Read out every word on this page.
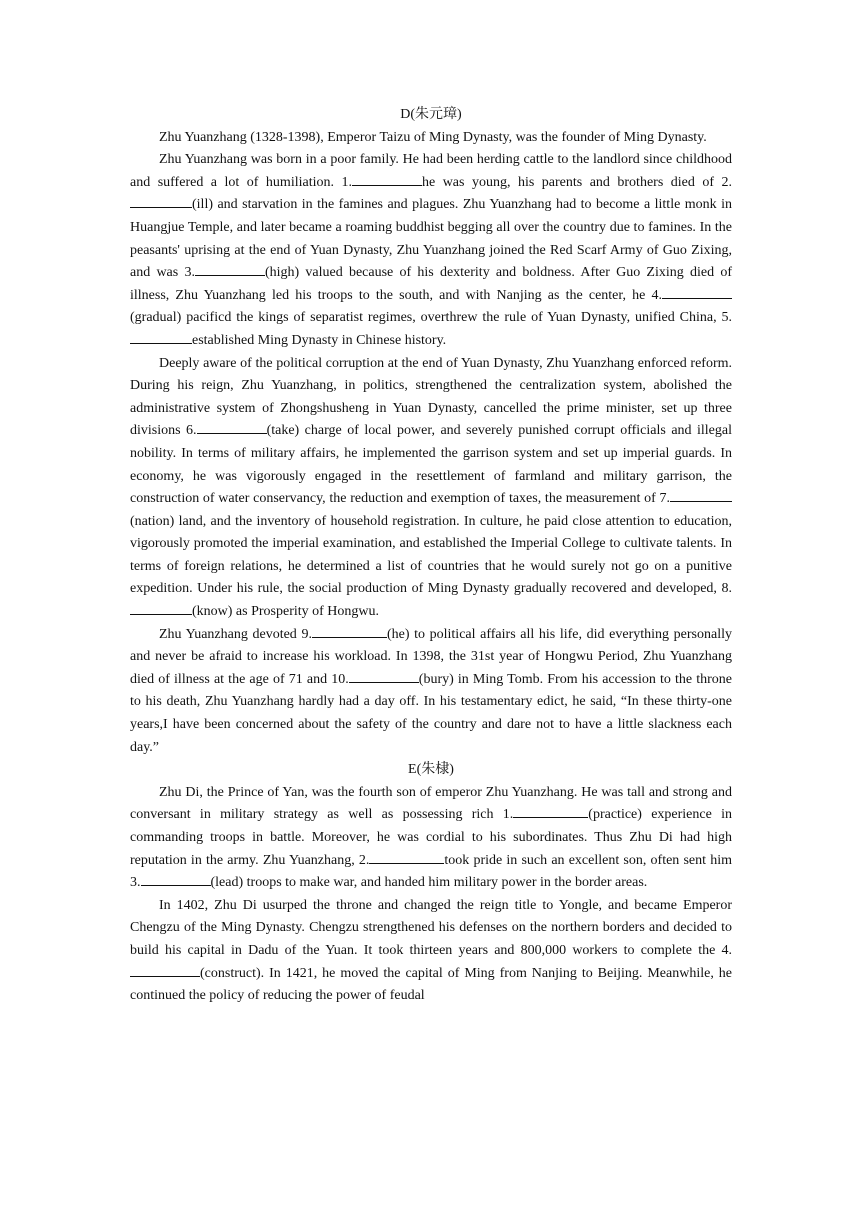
D(朱元璋)

Zhu Yuanzhang (1328-1398), Emperor Taizu of Ming Dynasty, was the founder of Ming Dynasty.

Zhu Yuanzhang was born in a poor family. He had been herding cattle to the landlord since childhood and suffered a lot of humiliation. 1.	he was young, his parents and brothers died of 2.(ill) and starvation in the famines and plagues. Zhu Yuanzhang had to become a little monk in Huangjue Temple, and later became a roaming buddhist begging all over the country due to famines. In the peasants' uprising at the end of Yuan Dynasty, Zhu Yuanzhang joined the Red Scarf Army of Guo Zixing, and was 3.	(high) valued because of his dexterity and boldness. After Guo Zixing died of illness, Zhu Yuanzhang led his troops to the south, and with Nanjing as the center, he 4.(gradual) pacificd the kings of separatist regimes, overthrew the rule of Yuan Dynasty, unified China, 5.established Ming Dynasty in Chinese history.

Deeply aware of the political corruption at the end of Yuan Dynasty, Zhu Yuanzhang enforced reform. During his reign, Zhu Yuanzhang, in politics, strengthened the centralization system, abolished the administrative system of Zhongshusheng in Yuan Dynasty, cancelled the prime minister, set up three divisions 6.	(take) charge of local power, and severely punished corrupt officials and illegal nobility. In terms of military affairs, he implemented the garrison system and set up imperial guards. In economy, he was vigorously engaged in the resettlement of farmland and military garrison, the construction of water conservancy, the reduction and exemption of taxes, the measurement of 7.(nation) land, and the inventory of household registration. In culture, he paid close attention to education, vigorously promoted the imperial examination, and established the Imperial College to cultivate talents. In terms of foreign relations, he determined a list of countries that he would surely not go on a punitive expedition. Under his rule, the social production of Ming Dynasty gradually recovered and developed, 8.(know) as Prosperity of Hongwu.

Zhu Yuanzhang devoted 9.	(he) to political affairs all his life, did everything personally and never be afraid to increase his workload. In 1398, the 31st year of Hongwu Period, Zhu Yuanzhang died of illness at the age of 71 and 10.	(bury) in Ming Tomb. From his accession to the throne to his death, Zhu Yuanzhang hardly had a day off. In his testamentary edict, he said, “In these thirty-one years,I have been concerned about the safety of the country and dare not to have a little slackness each day.”

E(朱棣)

Zhu Di, the Prince of Yan, was the fourth son of emperor Zhu Yuanzhang. He was tall and strong and conversant in military strategy as well as possessing rich 1.	(practice) experience in commanding troops in battle. Moreover, he was cordial to his subordinates. Thus Zhu Di had high reputation in the army. Zhu Yuanzhang, 2.	took pride in such an excellent son, often sent him 3.	(lead) troops to make war, and handed him military power in the border areas.

In 1402, Zhu Di usurped the throne and changed the reign title to Yongle, and became Emperor Chengzu of the Ming Dynasty. Chengzu strengthened his defenses on the northern borders and decided to build his capital in Dadu of the Yuan. It took thirteen years and 800,000 workers to complete the 4.(construct). In 1421, he moved the capital of Ming from Nanjing to Beijing. Meanwhile, he continued the policy of reducing the power of feudal
